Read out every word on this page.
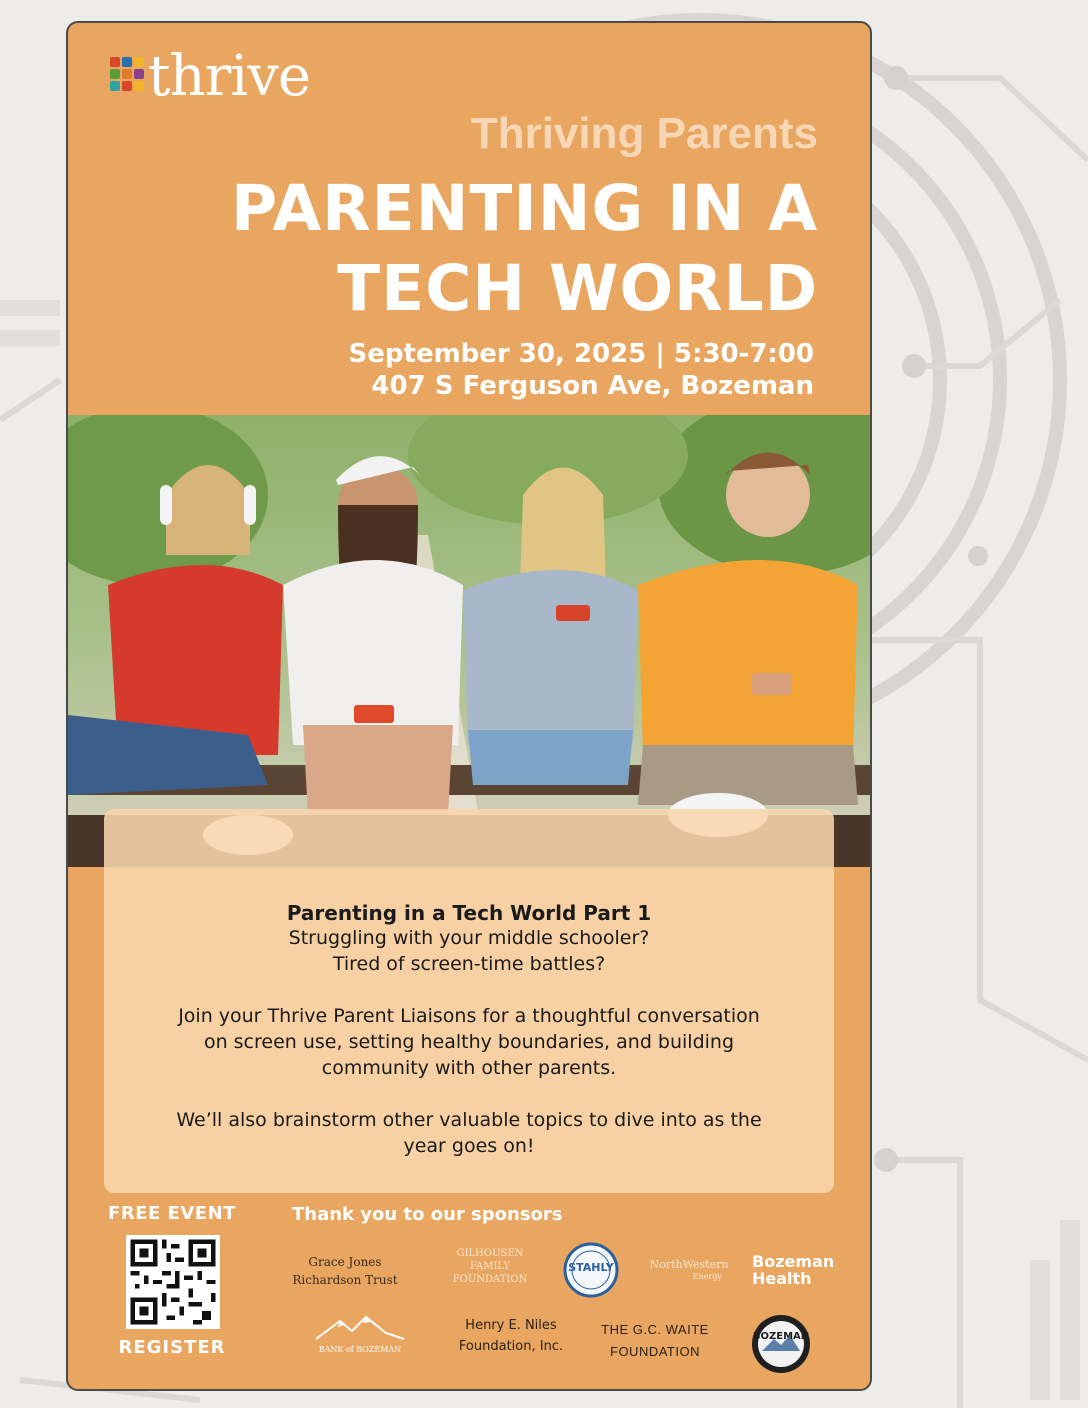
thrive
Thriving Parents
PARENTING IN A
TECH WORLD
September 30, 2025 | 5:30-7:00
407 S Ferguson Ave, Bozeman
Parenting in a Tech World Part 1

Struggling with your middle schooler?

Tired of screen-time battles?

Join your Thrive Parent Liaisons for a thoughtful conversation

on screen use, setting healthy boundaries, and building

community with other parents.

We’ll also brainstorm other valuable topics to dive into as the

year goes on!

FREE EVENT
REGISTER
Thank you to our sponsors
Grace Jones
Richardson Trust
GILHOUSEN
FAMILY
FOUNDATION
STAHLY	NorthWestern
Energy
Bozeman
Health
BANK of BOZEMAN
Henry E. Niles
Foundation, Inc.
THE G.C. WAITE
FOUNDATION
BOZEMAN
